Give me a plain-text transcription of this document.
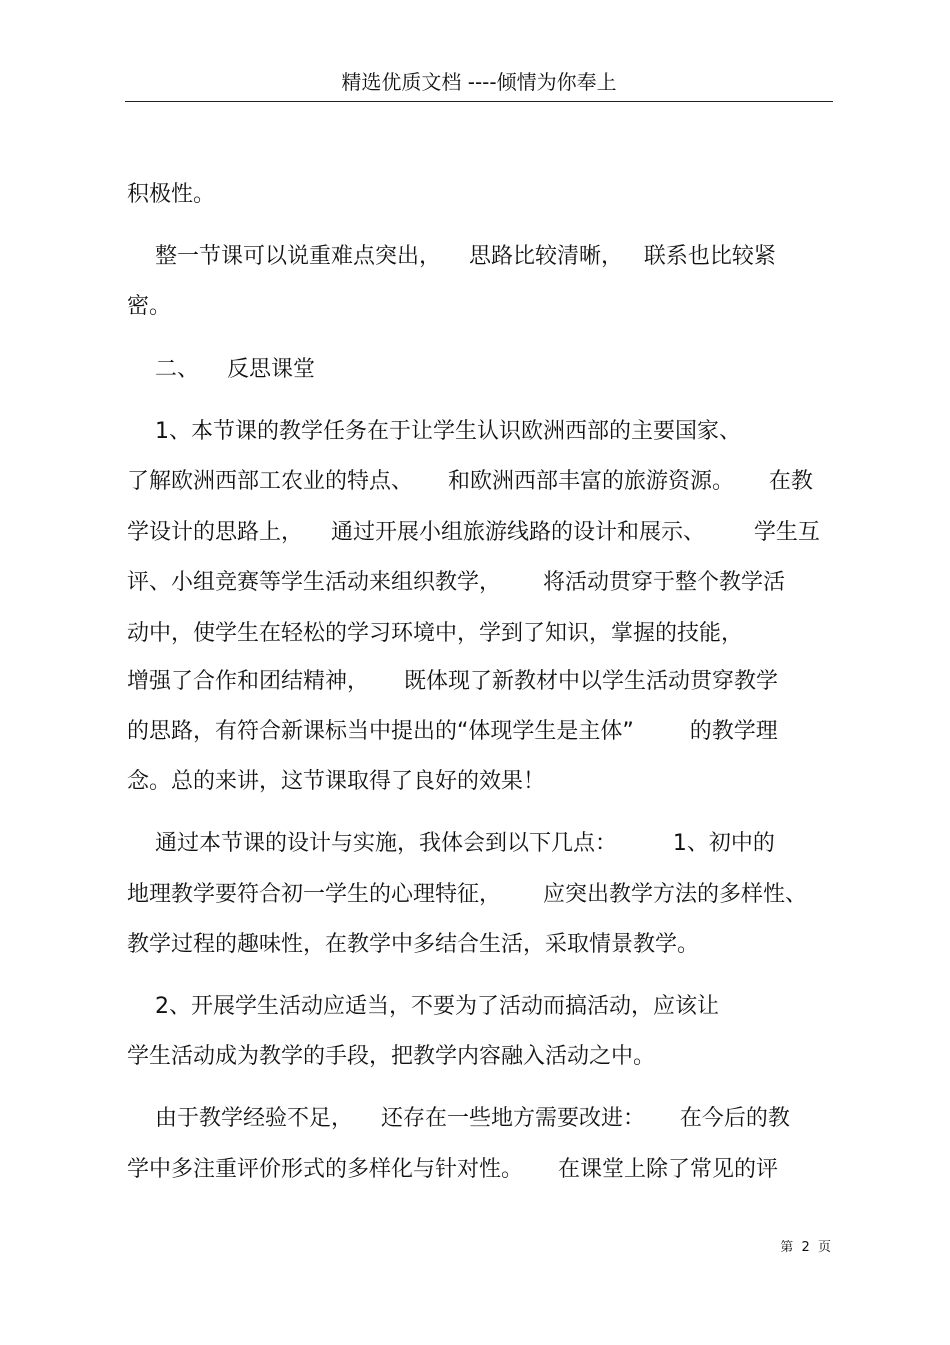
精选优质文档 ----倾情为你奉上
积极性。
整一节课可以说重难点突出，    思路比较清晰，   联系也比较紧
密。
二、    反思课堂
1、本节课的教学任务在于让学生认识欧洲西部的主要国家、
了解欧洲西部工农业的特点、     和欧洲西部丰富的旅游资源。     在教
学设计的思路上，    通过开展小组旅游线路的设计和展示、       学生互
评、小组竞赛等学生活动来组织教学，      将活动贯穿于整个教学活
动中，使学生在轻松的学习环境中，学到了知识，掌握的技能，
增强了合作和团结精神，     既体现了新教材中以学生活动贯穿教学
的思路，有符合新课标当中提出的“体现学生是主体”        的教学理
念。总的来讲，这节课取得了良好的效果！
通过本节课的设计与实施，我体会到以下几点：        1、初中的
地理教学要符合初一学生的心理特征，      应突出教学方法的多样性、
教学过程的趣味性，在教学中多结合生活，采取情景教学。
2、开展学生活动应适当，不要为了活动而搞活动，应该让
学生活动成为教学的手段，把教学内容融入活动之中。
由于教学经验不足，    还存在一些地方需要改进：     在今后的教
学中多注重评价形式的多样化与针对性。     在课堂上除了常见的评
第  2  页
